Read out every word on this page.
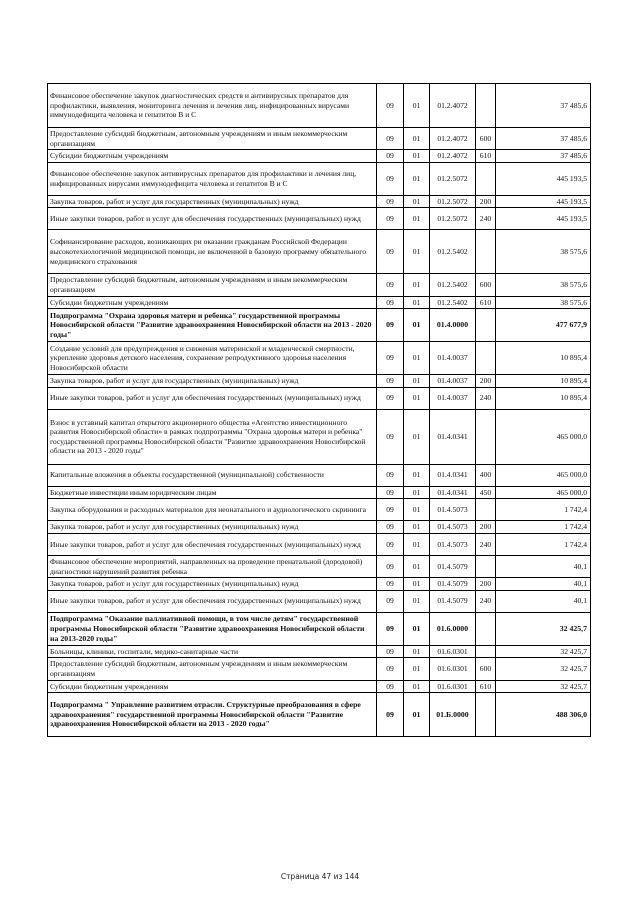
Финансовое обеспечение закупок диагностических средств и антивирусных препаратов для профилактики, выявления, мониторинга лечения и лечения лиц, инфицированных вирусами иммунодефицита человека и гепатитов В и С	09	01	01.2.4072		37 485,6
Предоставление субсидий бюджетным, автономным учреждениям и иным некоммерческим организациям	09	01	01.2.4072	600	37 485,6
Субсидии бюджетным учреждениям	09	01	01.2.4072	610	37 485,6
Финансовое обеспечение закупок антивирусных препаратов для профилактики и лечения лиц, инфицированных вирусами иммунодефицита человека и гепатитов В и С	09	01	01.2.5072		445 193,5
Закупка товаров, работ и услуг для государственных (муниципальных) нужд	09	01	01.2.5072	200	445 193,5
Иные закупки товаров, работ и услуг для обеспечения государственных (муниципальных) нужд	09	01	01.2.5072	240	445 193,5
Софинансирование расходов, возникающих ри оказании гражданам Российской Федерации высокотехнологичной медицинской помощи, не включенной в базовую программу обязательного медицинского страхования	09	01	01.2.5402		38 575,6
Предоставление субсидий бюджетным, автономным учреждениям и иным некоммерческим организациям	09	01	01.2.5402	600	38 575,6
Субсидии бюджетным учреждениям	09	01	01.2.5402	610	38 575,6
Подпрограмма "Охрана здоровья матери и ребенка" государственной программы Новосибирской области "Развитие здравоохранения Новосибирской области на 2013 - 2020 годы"	09	01	01.4.0000		477 677,9
Создание условий для предупреждения и снижения материнской и младенческой смертности, укрепление здоровья детского населения, сохранение репродуктивного здоровья населения Новосибирской области	09	01	01.4.0037		10 895,4
Закупка товаров, работ и услуг для государственных (муниципальных) нужд	09	01	01.4.0037	200	10 895,4
Иные закупки товаров, работ и услуг для обеспечения государственных (муниципальных) нужд	09	01	01.4.0037	240	10 895,4
Взнос в уставный капитал открытого акционерного общества «Агентство инвестиционного развития Новосибирской области» в рамках подпрограммы "Охрана здоровья матери и ребенка" государственной программы Новосибирской области "Развитие здравоохранения Новосибирской области на 2013 - 2020 годы"	09	01	01.4.0341		465 000,0
Капитальные вложения в объекты государственной (муниципальной) собственности	09	01	01.4.0341	400	465 000,0
Бюджетные инвестиции иным юридическим лицам	09	01	01.4.0341	450	465 000,0
Закупка оборудования и расходных материалов для неонатального и аудиологического скрининга	09	01	01.4.5073		1 742,4
Закупка товаров, работ и услуг для государственных (муниципальных) нужд	09	01	01.4.5073	200	1 742,4
Иные закупки товаров, работ и услуг для обеспечения государственных (муниципальных) нужд	09	01	01.4.5073	240	1 742,4
Финансовое обеспечение мероприятий, направленных на проведение пренатальной (дородовой) диагностики нарушений развития ребенка	09	01	01.4.5079		40,1
Закупка товаров, работ и услуг для государственных (муниципальных) нужд	09	01	01.4.5079	200	40,1
Иные закупки товаров, работ и услуг для обеспечения государственных (муниципальных) нужд	09	01	01.4.5079	240	40,1
Подпрограмма "Оказание паллиативной помощи, в том числе детям" государственной программы Новосибирской области "Развитие здравоохранения Новосибирской области на 2013-2020 годы"	09	01	01.6.0000		32 425,7
Больницы, клиники, госпитали, медико-санитарные части	09	01	01.6.0301		32 425,7
Предоставление субсидий бюджетным, автономным учреждениям и иным некоммерческим организациям	09	01	01.6.0301	600	32 425,7
Субсидии бюджетным учреждениям	09	01	01.6.0301	610	32 425,7
Подпрограмма " Управление развитием отрасли. Структурные преобразования в сфере здравоохранения" государственной программы Новосибирской области "Развитие здравоохранения Новосибирской области на 2013 - 2020 годы"	09	01	01.Б.0000		488 306,0
Страница 47 из 144
